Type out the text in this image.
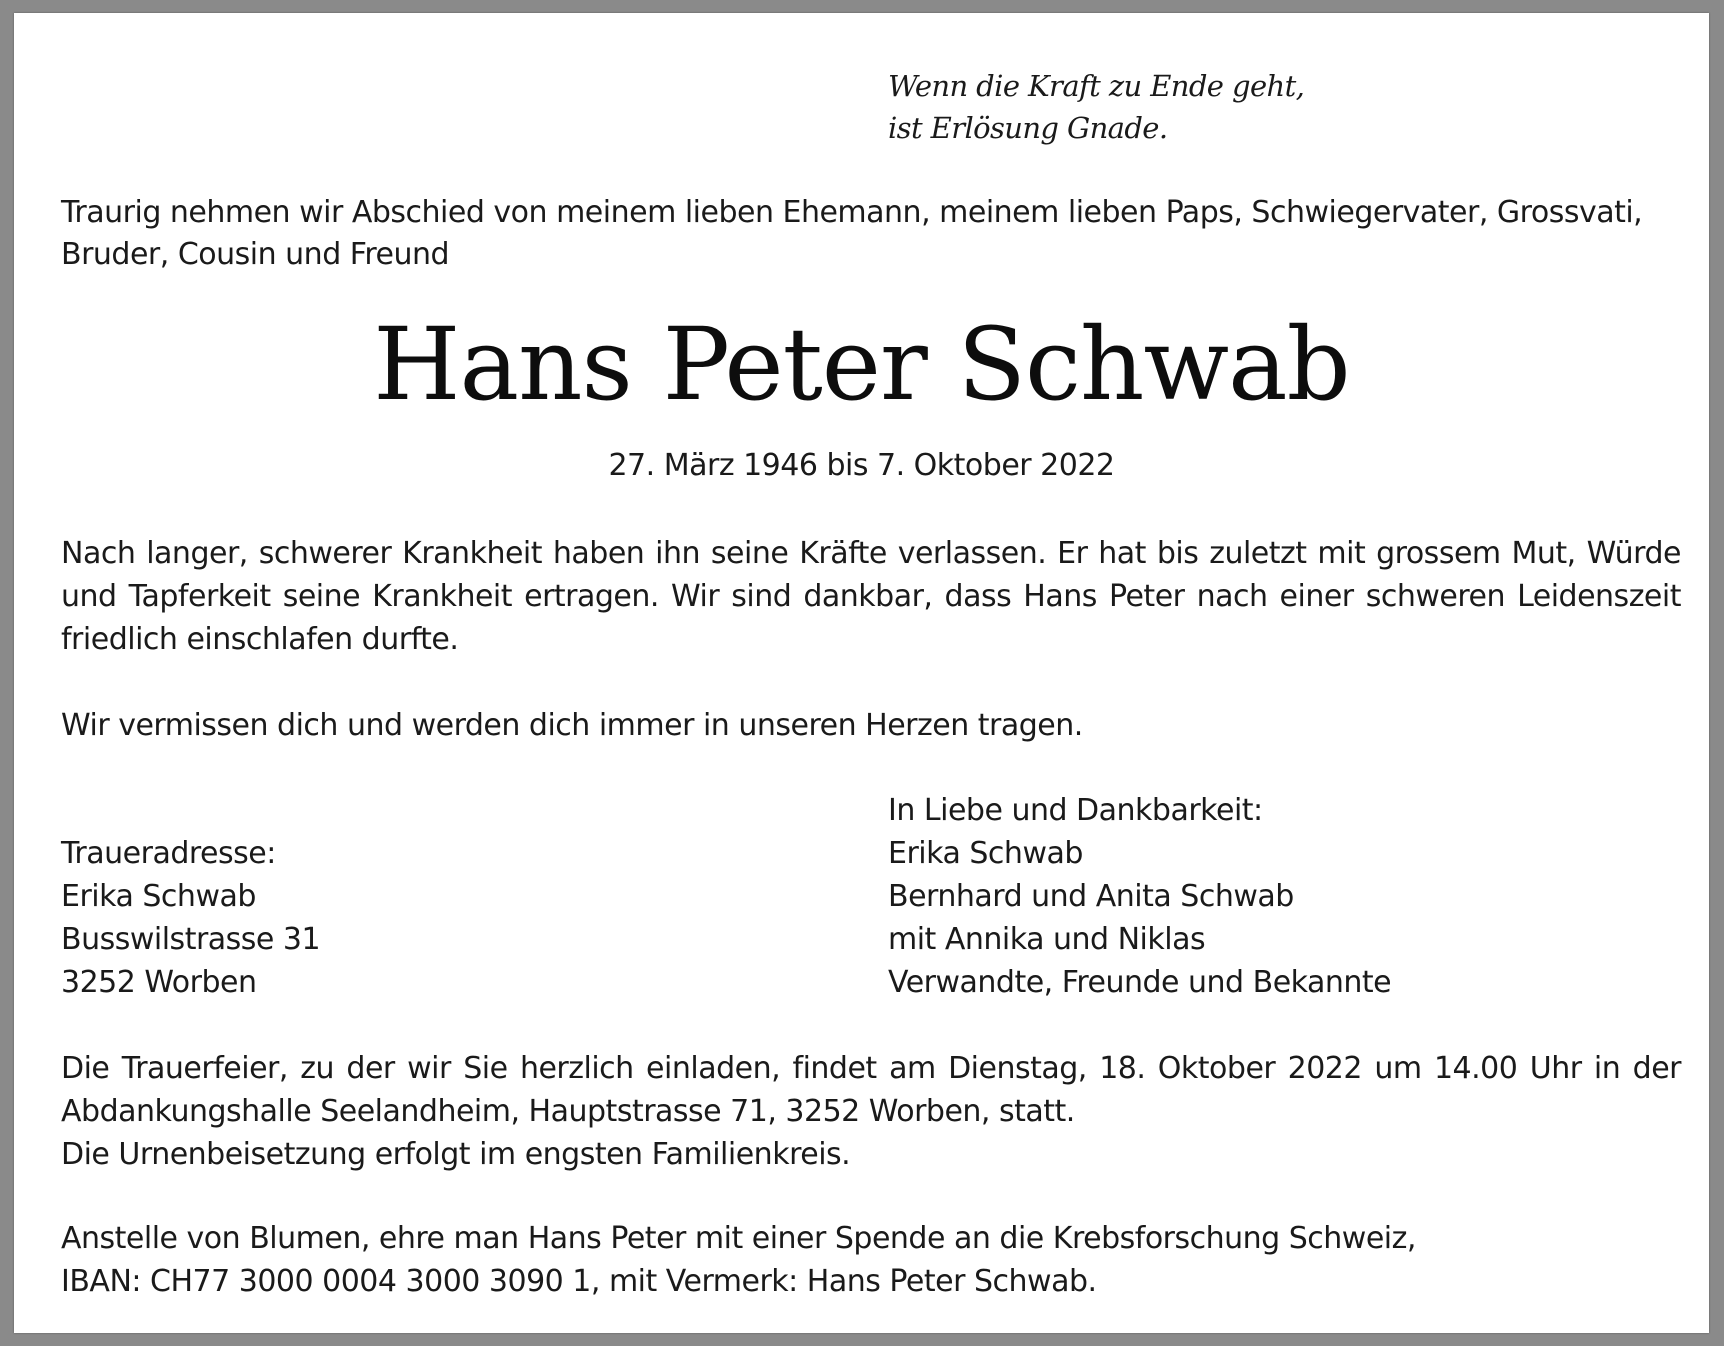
Wenn die Kraft zu Ende geht,
ist Erlösung Gnade.
Traurig nehmen wir Abschied von meinem lieben Ehemann, meinem lieben Paps, Schwiegervater, Grossvati,
Bruder, Cousin und Freund
Hans Peter Schwab
27. März 1946 bis 7. Oktober 2022
Nach langer, schwerer Krankheit haben ihn seine Kräfte verlassen. Er hat bis zuletzt mit grossem Mut, Würde und Tapferkeit seine Krankheit ertragen. Wir sind dankbar, dass Hans Peter nach einer schweren Leidenszeit friedlich einschlafen durfte.
Wir vermissen dich und werden dich immer in unseren Herzen tragen.
Traueradresse:
Erika Schwab
Busswilstrasse 31
3252 Worben
In Liebe und Dankbarkeit:
Erika Schwab
Bernhard und Anita Schwab
mit Annika und Niklas
Verwandte, Freunde und Bekannte
Die Trauerfeier, zu der wir Sie herzlich einladen, findet am Dienstag, 18. Oktober 2022 um 14.00 Uhr in der Abdankungshalle Seelandheim, Hauptstrasse 71, 3252 Worben, statt.
Die Urnenbeisetzung erfolgt im engsten Familienkreis.
Anstelle von Blumen, ehre man Hans Peter mit einer Spende an die Krebsforschung Schweiz,
IBAN: CH77 3000 0004 3000 3090 1, mit Vermerk: Hans Peter Schwab.
